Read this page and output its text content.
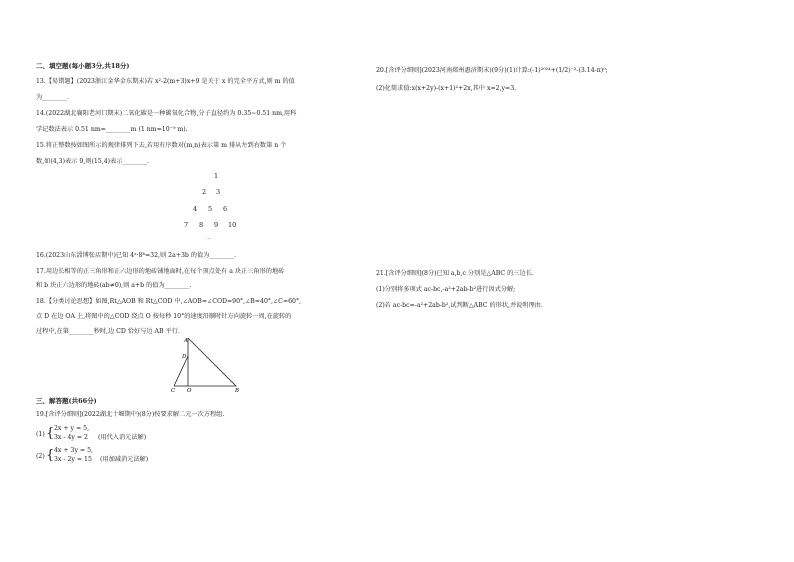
二、填空题(每小题3分,共18分)
13.【易错题】(2023浙江金华金东期末)若 x²-2(m+3)x+9 是关于 x 的完全平方式,则 m 的值
为________.
14.(2022湖北襄阳老河口期末)二氧化碳是一种碳氧化合物,分子直径约为 0.35~0.51 nm,用科
学记数法表示 0.51 nm=________m (1 nm=10⁻⁹ m).
15.将正整数按如图所示的规律排列下去,若用有序数对(m,n)表示第 m 排从左到右数第 n 个
数,如(4,3)表示 9,则(15,4)表示________.
1
2 3
4 5 6
7 8 9 10
…
16.(2023山东淄博张店期中)已知 4ᵃ·8ᵇ=32,则 2a+3b 的值为________.
17.用边长相等的正三角形和正六边形的地砖铺地面时,在每个顶点处有 a 块正三角形的地砖
和 b 块正六边形的地砖(ab≠0),则 a+b 的值为________.
18.【分类讨论思想】如图,Rt△AOB 和 Rt△COD 中,∠AOB=∠COD=90°,∠B=40°,∠C=60°,
点 D 在边 OA 上,将图中的△COD 绕点 O 按每秒 10°的速度沿顺时针方向旋转一周,在旋转的
过程中,在第________秒时,边 CD 恰好与边 AB 平行.
A
D
C O	B
三、解答题(共66分)
19.[含评分细则](2022湖北十堰期中)(8分)按要求解二元一次方程组.
(1) { 2x + y = 5,
3x - 4y = 2 (用代入消元法解)
(2) { 4x + 3y = 5,
3x - 2y = 15 (用加减消元法解)
20.[含评分细则](2023河南郑州惠济期末)(9分)(1)计算:(-1)²⁰²⁴+(1/2)⁻²-(3.14-π)⁰;
(2)化简求值:x(x+2y)-(x+1)²+2x,其中 x=2,y=3.
21.[含评分细则](8分)已知 a,b,c 分别是△ABC 的三边长.
(1)分别将多项式 ac-bc,-a²+2ab-b²进行因式分解;
(2)若 ac-bc=-a²+2ab-b²,试判断△ABC 的形状,并说明理由.
